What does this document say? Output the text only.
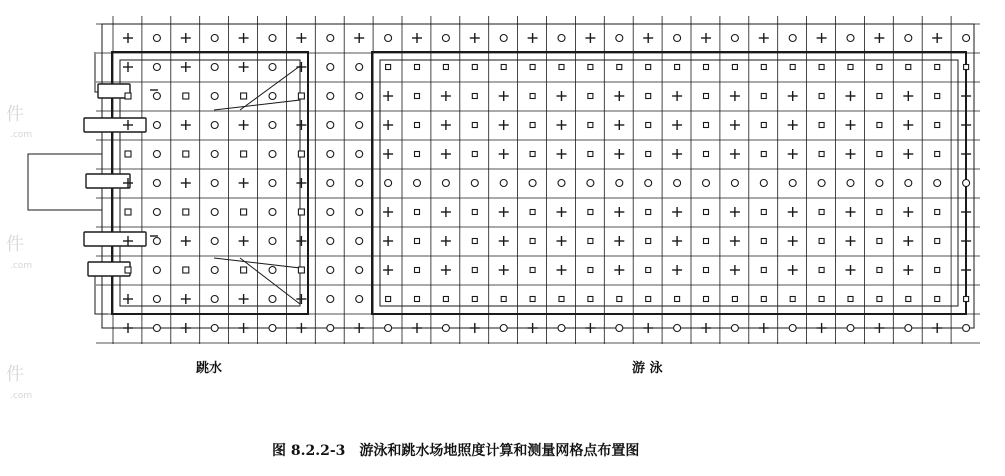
件
件
件
.com
.com
.com
跳水	游 泳
图 8.2.2-3　游泳和跳水场地照度计算和测量网格点布置图
